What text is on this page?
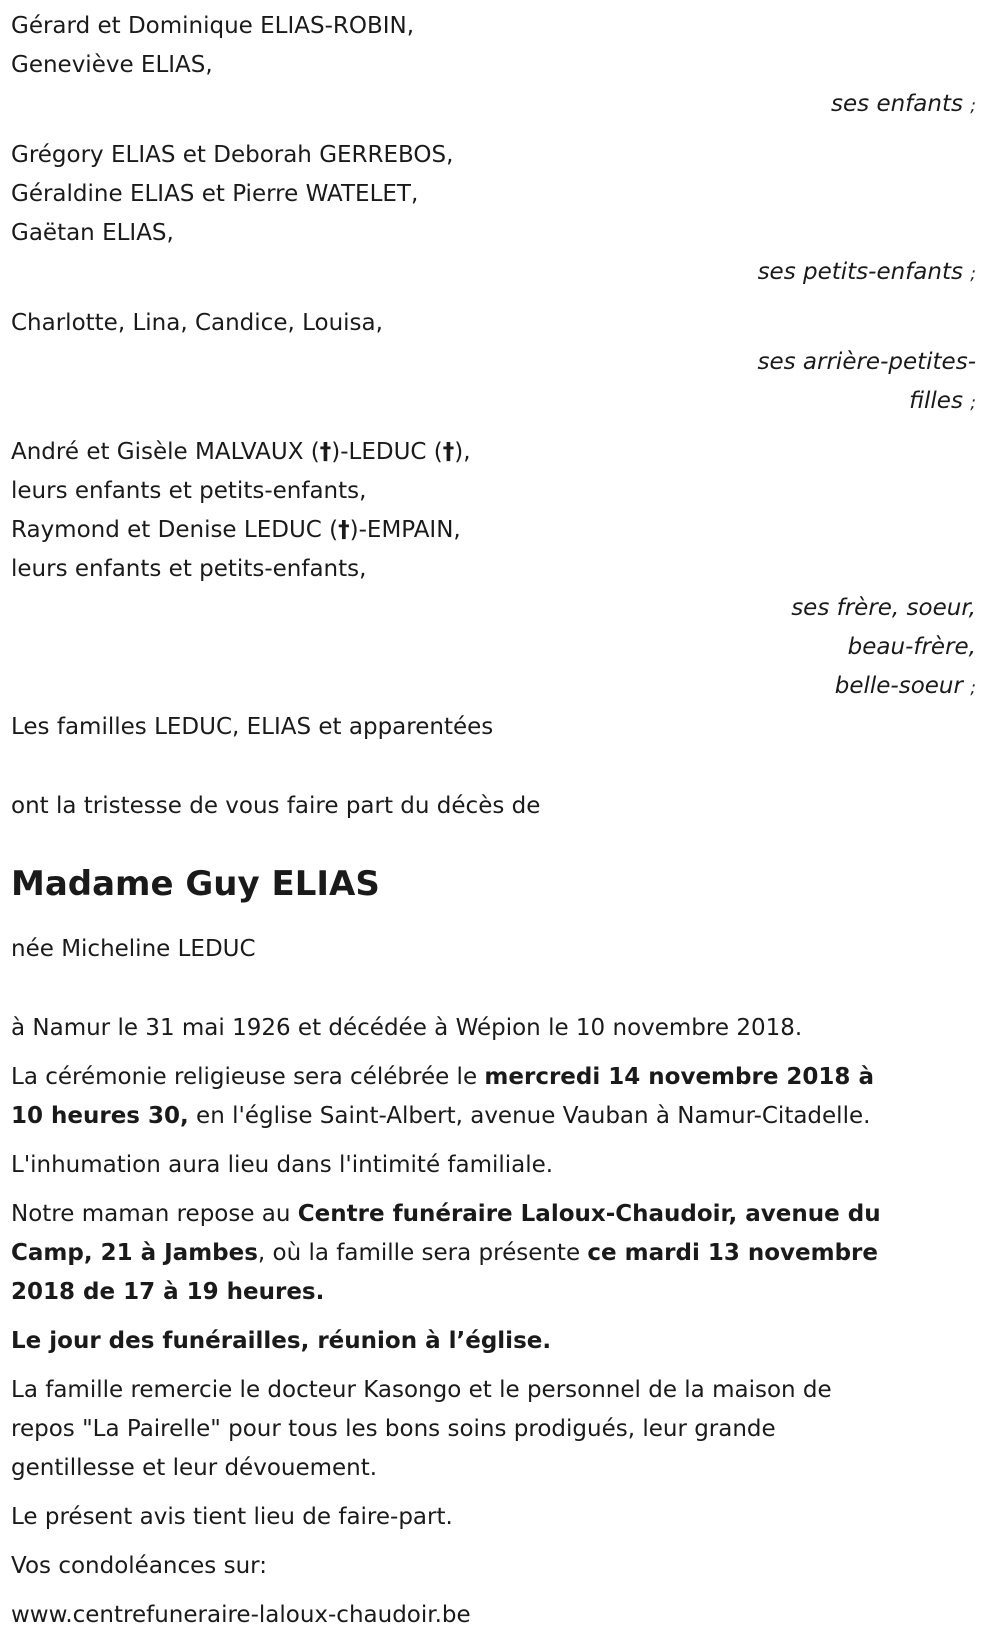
Gérard et Dominique ELIAS-ROBIN,
Geneviève ELIAS,
ses enfants ;
Grégory ELIAS et Deborah GERREBOS,
Géraldine ELIAS et Pierre WATELET,
Gaëtan ELIAS,
ses petits-enfants ;
Charlotte, Lina, Candice, Louisa,
ses arrière-petites-
filles ;
André et Gisèle MALVAUX (†)-LEDUC (†),
leurs enfants et petits-enfants,
Raymond et Denise LEDUC (†)-EMPAIN,
leurs enfants et petits-enfants,
ses frère, soeur,
beau-frère,
belle-soeur ;
Les familles LEDUC, ELIAS et apparentées
ont la tristesse de vous faire part du décès de
Madame Guy ELIAS
née Micheline LEDUC
à Namur le 31 mai 1926 et décédée à Wépion le 10 novembre 2018.
La cérémonie religieuse sera célébrée le mercredi 14 novembre 2018 à
10 heures 30, en l'église Saint-Albert, avenue Vauban à Namur-Citadelle.
L'inhumation aura lieu dans l'intimité familiale.
Notre maman repose au Centre funéraire Laloux-Chaudoir, avenue du
Camp, 21 à Jambes, où la famille sera présente ce mardi 13 novembre
2018 de 17 à 19 heures.
Le jour des funérailles, réunion à l’église.
La famille remercie le docteur Kasongo et le personnel de la maison de
repos "La Pairelle" pour tous les bons soins prodigués, leur grande
gentillesse et leur dévouement.
Le présent avis tient lieu de faire-part.
Vos condoléances sur:
www.centrefuneraire-laloux-chaudoir.be
